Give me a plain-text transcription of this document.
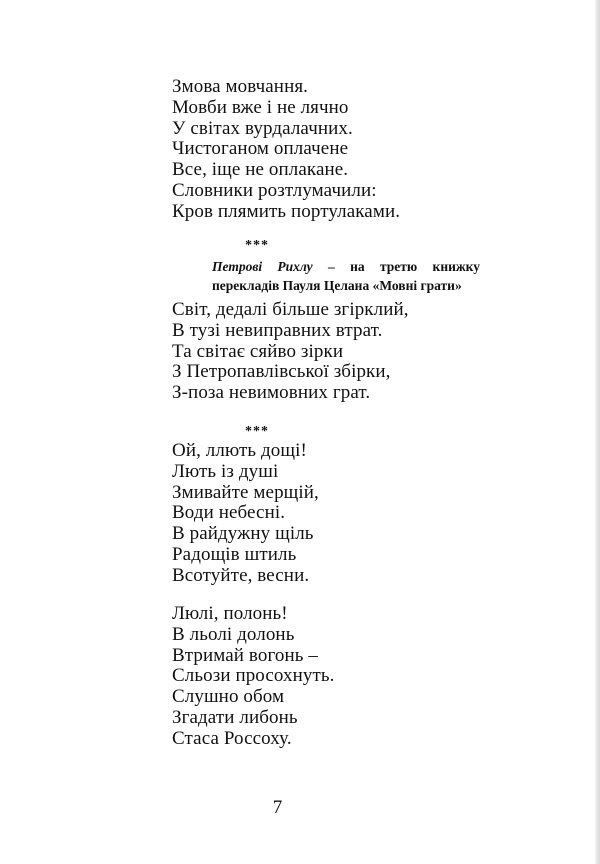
Змова мовчання.
Мовби вже і не лячно
У світах вурдалачних.
Чистоганом оплачене
Все, іще не оплакане.
Словники розтлумачили:
Кров плямить портулаками.
***
Петрові Рихлу – на третю книжку перекладів Пауля Целана «Мовні грати»
Світ, дедалі більше згірклий,
В тузі невиправних втрат.
Та світає сяйво зірки
З Петропавлівської збірки,
З-поза невимовних грат.
***
Ой, ллють дощі!
Лють із душі
Змивайте мерщій,
Води небесні.
В райдужну щіль
Радощів штиль
Всотуйте, весни.
Люлі, полонь!
В льолі долонь
Втримай вогонь –
Сльози просохнуть.
Слушно обом
Згадати либонь
Стаса Россоху.
7
